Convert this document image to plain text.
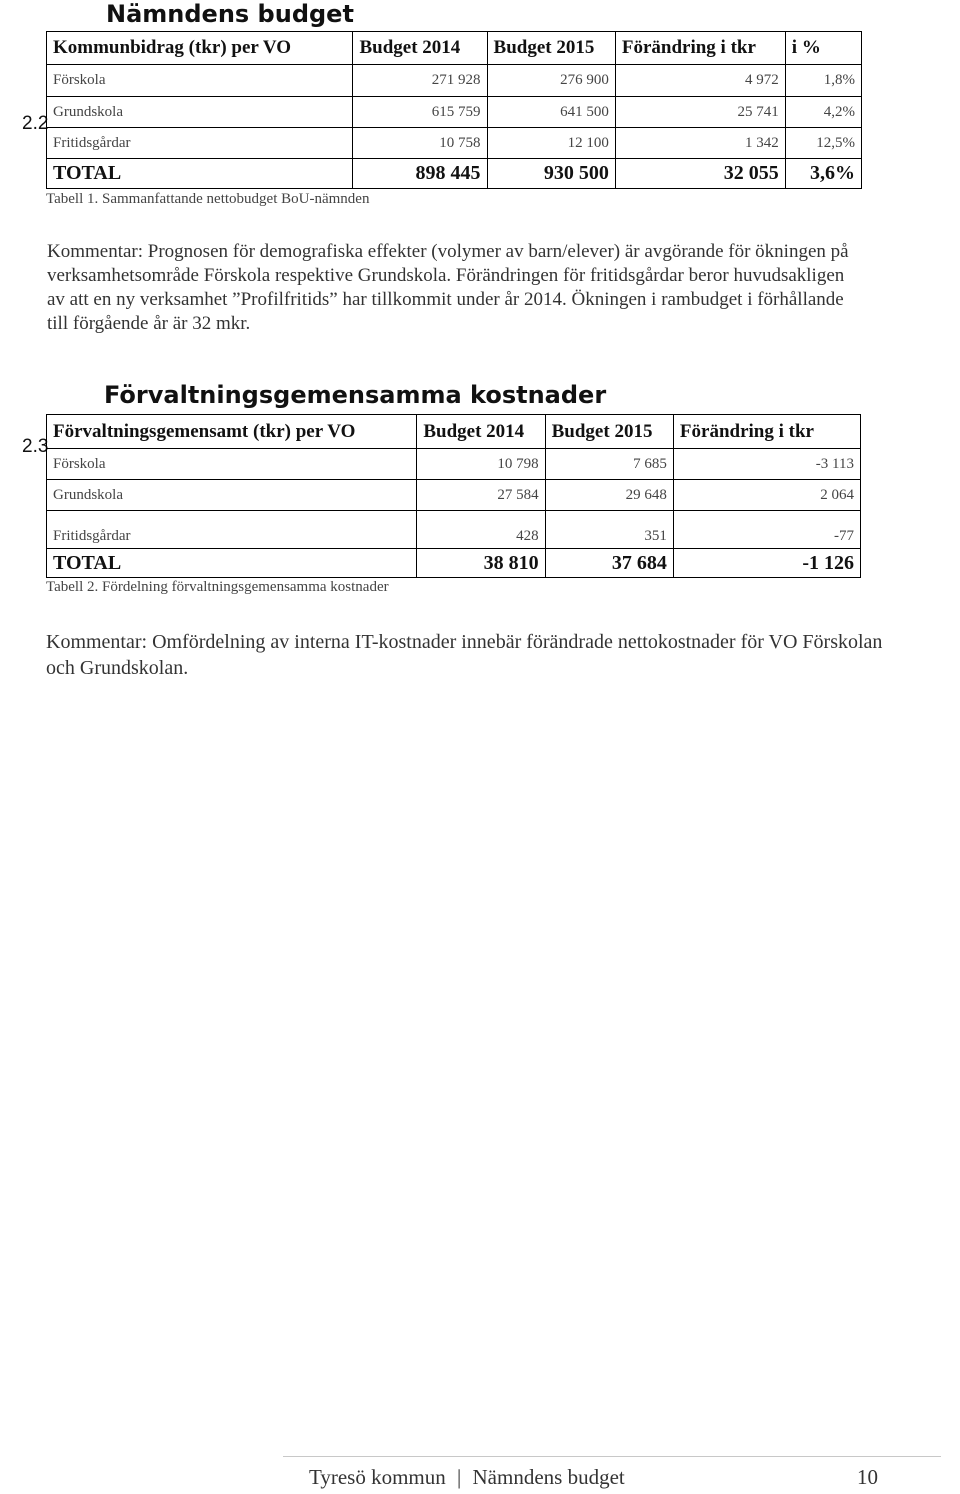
Nämndens budget
2.2
Kommunbidrag (tkr) per VO	Budget 2014	Budget 2015	Förändring i tkr	i %
Förskola	271 928	276 900	4 972	1,8%
Grundskola	615 759	641 500	25 741	4,2%
Fritidsgårdar	10 758	12 100	1 342	12,5%
TOTAL	898 445	930 500	32 055	3,6%
Tabell 1. Sammanfattande nettobudget BoU-nämnden
Kommentar: Prognosen för demografiska effekter (volymer av barn/elever) är avgörande för ökningen på
verksamhetsområde Förskola respektive Grundskola. Förändringen för fritidsgårdar beror huvudsakligen
av att en ny verksamhet ”Profilfritids” har tillkommit under år 2014. Ökningen i rambudget i förhållande
till förgående år är 32 mkr.
Förvaltningsgemensamma kostnader
2.3
Förvaltningsgemensamt (tkr) per VO	Budget 2014	Budget 2015	Förändring i tkr
Förskola	10 798	7 685	-3 113
Grundskola	27 584	29 648	2 064
Fritidsgårdar	428	351	-77
TOTAL	38 810	37 684	-1 126
Tabell 2. Fördelning förvaltningsgemensamma kostnader
Kommentar: Omfördelning av interna IT-kostnader innebär förändrade nettokostnader för VO Förskolan
och Grundskolan.
Tyresö kommun | Nämndens budget	10
